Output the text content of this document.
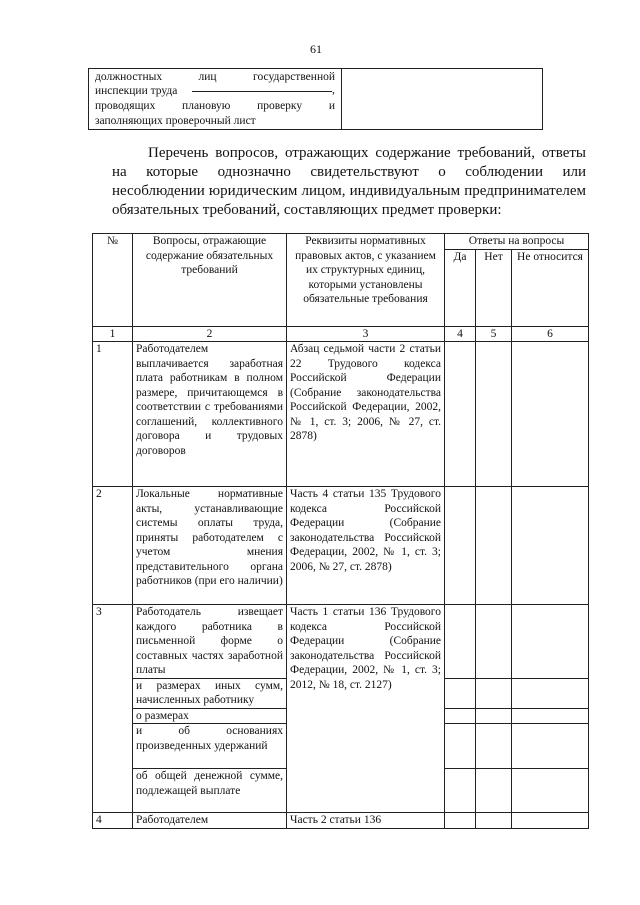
61
должностных лиц государственной
инспекции труда	,
проводящих плановую проверку и
заполняющих проверочный лист
Перечень вопросов, отражающих содержание требований, ответы на которые однозначно свидетельствуют о соблюдении или несоблюдении юридическим лицом, индивидуальным предпринимателем обязательных требований, составляющих предмет проверки:
№	Вопросы, отражающие содержание обязательных требований	Реквизиты нормативных правовых актов, с указанием их структурных единиц, которыми установлены обязательные требования	Ответы на вопросы		
			Да	Нет	Не относится
1	2	3	4	5	6
1	Работодателем выплачивается заработная плата работникам в полном размере, причитающемся в соответствии с требованиями соглашений, коллективного договора и трудовых договоров	Абзац седьмой части 2 статьи 22 Трудового кодекса Российской Федерации (Собрание законодательства Российской Федерации, 2002, № 1, ст. 3; 2006, № 27, ст. 2878)			
2	Локальные нормативные акты, устанавливающие системы оплаты труда, приняты работодателем с учетом мнения представительного органа работников (при его наличии)	Часть 4 статьи 135 Трудового кодекса Российской Федерации (Собрание законодательства Российской Федерации, 2002, № 1, ст. 3; 2006, № 27, ст. 2878)			
3	Работодатель извещает каждого работника в письменной форме о составных частях заработной платы	Часть 1 статьи 136 Трудового кодекса Российской Федерации (Собрание законодательства Российской Федерации, 2002, № 1, ст. 3; 2012, № 18, ст. 2127)			
	и размерах иных сумм, начисленных работнику				
	о размерах				
	и об основаниях произведенных удержаний				
	об общей денежной сумме, подлежащей выплате				
4	Работодателем	Часть 2 статьи 136			
